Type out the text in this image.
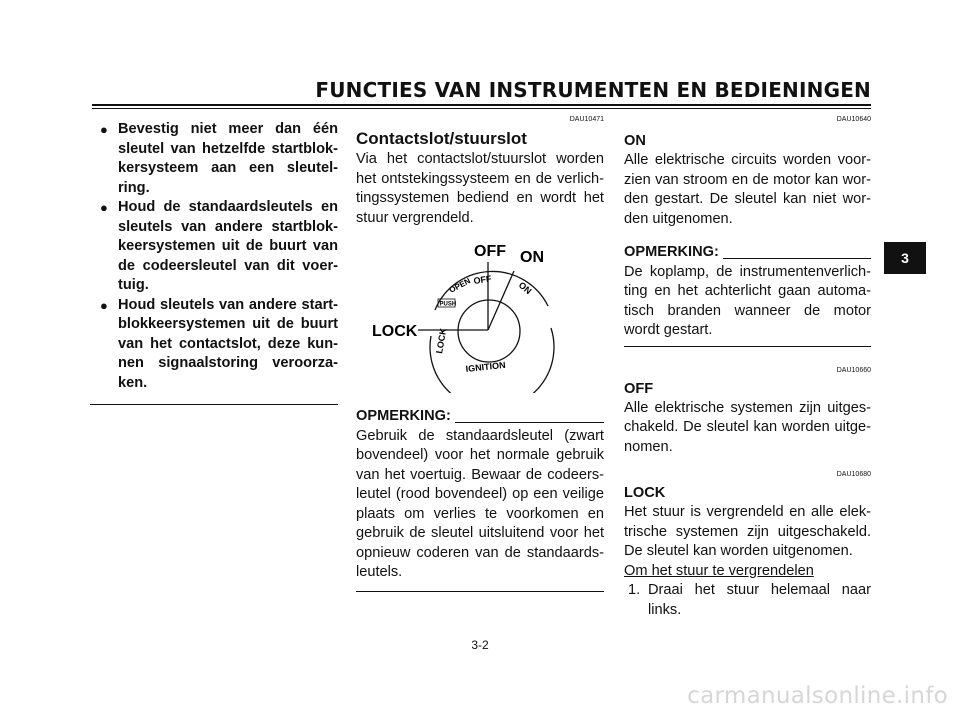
FUNCTIES VAN INSTRUMENTEN EN BEDIENINGEN
3
● Bevestig niet meer dan één sleutel van hetzelfde startblok-kersysteem aan een sleutel-ring.
● Houd de standaardsleutels en sleutels van andere startblok-keersystemen uit de buurt van de codeersleutel van dit voer-tuig.
● Houd sleutels van andere start-blokkeersystemen uit de buurt van het contactslot, deze kun-nen signaalstoring veroorza-ken.
DAU10471
Contactslot/stuurslot
Via het contactslot/stuurslot worden het ontstekingssysteem en de verlich-tingssystemen bediend en wordt het stuur vergrendeld.
OFF ON
LOCK
OPEN OFF
ON
PUSH
LOCK
IGNITION
OPMERKING:
Gebruik de standaardsleutel (zwart bovendeel) voor het normale gebruik van het voertuig. Bewaar de codeers-leutel (rood bovendeel) op een veilige plaats om verlies te voorkomen en gebruik de sleutel uitsluitend voor het opnieuw coderen van de standaards-leutels.
DAU10640
ON
Alle elektrische circuits worden voor-zien van stroom en de motor kan wor-den gestart. De sleutel kan niet wor-den uitgenomen.
OPMERKING:
De koplamp, de instrumentenverlich-ting en het achterlicht gaan automa-tisch branden wanneer de motor wordt gestart.
DAU10660
OFF
Alle elektrische systemen zijn uitges-chakeld. De sleutel kan worden uitge-nomen.
DAU10680
LOCK
Het stuur is vergrendeld en alle elek-trische systemen zijn uitgeschakeld. De sleutel kan worden uitgenomen.
Om het stuur te vergrendelen
1. Draai het stuur helemaal naar links.
3-2
carmanualsonline.info
